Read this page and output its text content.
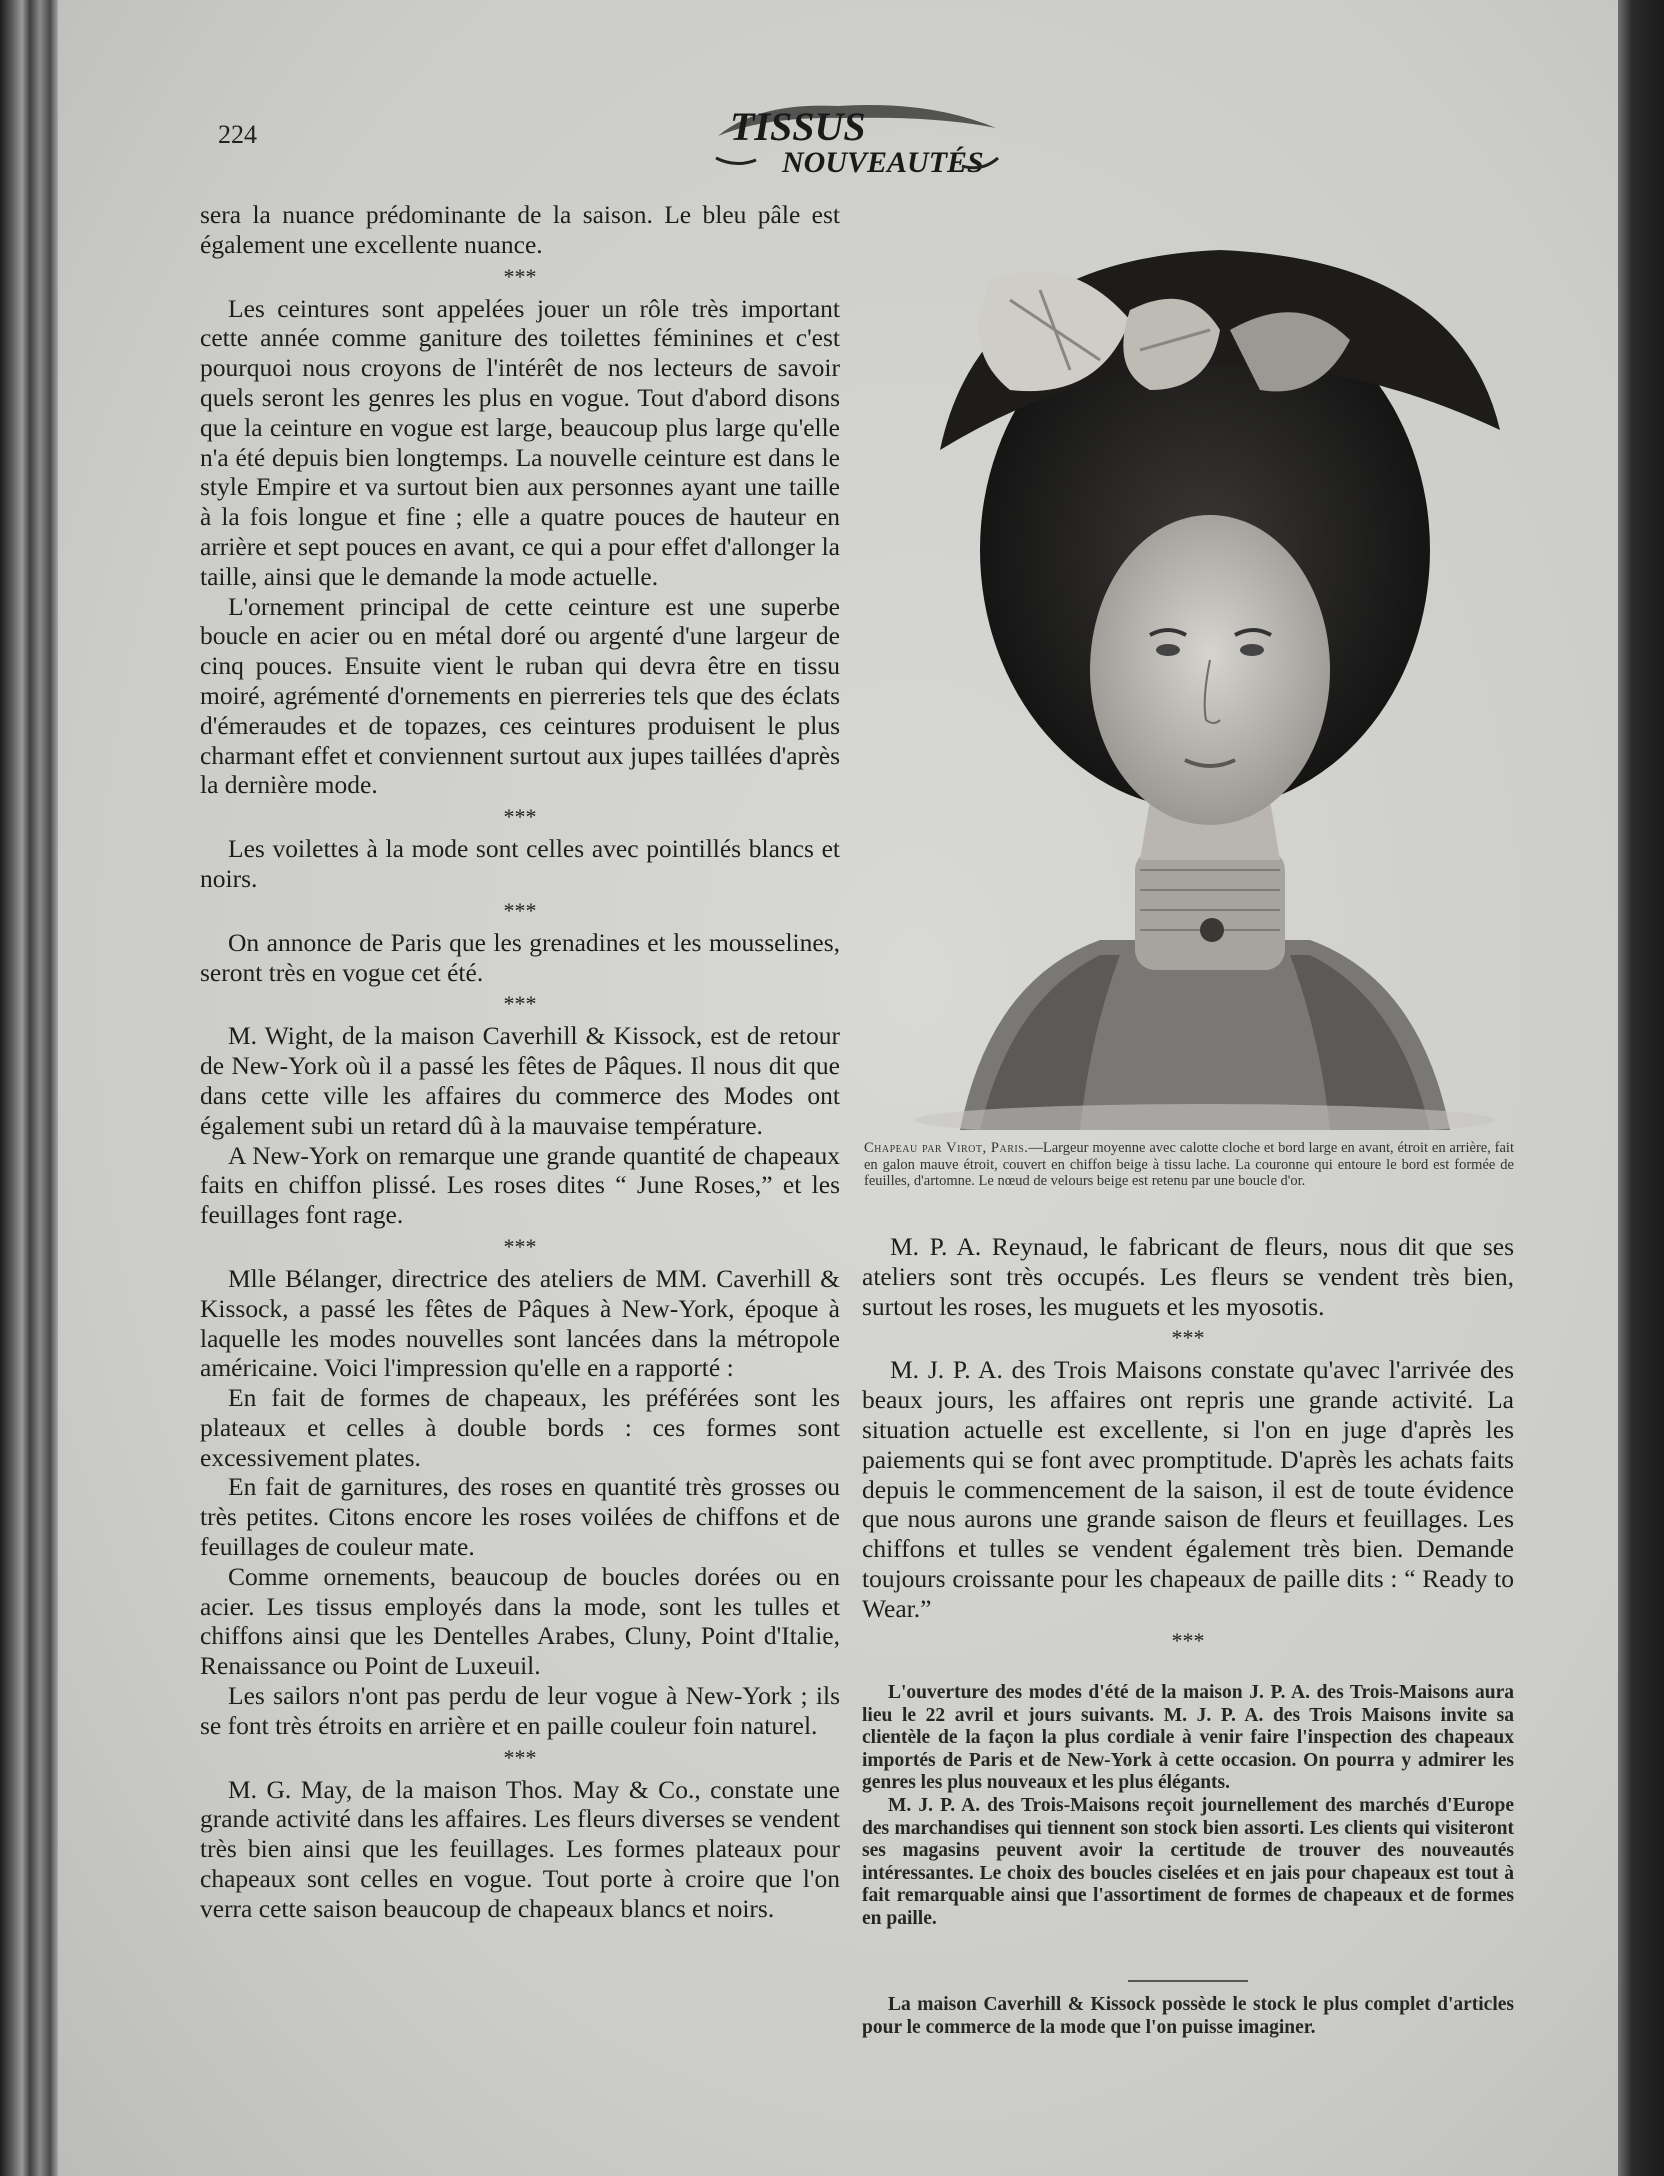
224	TISSUS
NOUVEAUTÉS

sera la nuance prédominante de la saison. Le bleu pâle est également une excellente nuance.

***

Les ceintures sont appelées jouer un rôle très important cette année comme ganiture des toilettes féminines et c'est pourquoi nous croyons de l'intérêt de nos lecteurs de savoir quels seront les genres les plus en vogue. Tout d'abord disons que la ceinture en vogue est large, beaucoup plus large qu'elle n'a été depuis bien longtemps. La nouvelle ceinture est dans le style Empire et va surtout bien aux personnes ayant une taille à la fois longue et fine ; elle a quatre pouces de hauteur en arrière et sept pouces en avant, ce qui a pour effet d'allonger la taille, ainsi que le demande la mode actuelle.

L'ornement principal de cette ceinture est une superbe boucle en acier ou en métal doré ou argenté d'une largeur de cinq pouces. Ensuite vient le ruban qui devra être en tissu moiré, agrémenté d'ornements en pierreries tels que des éclats d'émeraudes et de topazes, ces ceintures produisent le plus charmant effet et conviennent surtout aux jupes taillées d'après la dernière mode.

***

Les voilettes à la mode sont celles avec pointillés blancs et noirs.

***

On annonce de Paris que les grenadines et les mousselines, seront très en vogue cet été.

***

M. Wight, de la maison Caverhill & Kissock, est de retour de New-York où il a passé les fêtes de Pâques. Il nous dit que dans cette ville les affaires du commerce des Modes ont également subi un retard dû à la mauvaise température.

A New-York on remarque une grande quantité de chapeaux faits en chiffon plissé. Les roses dites “ June Roses,” et les feuillages font rage.

***

Mlle Bélanger, directrice des ateliers de MM. Caverhill & Kissock, a passé les fêtes de Pâques à New-York, époque à laquelle les modes nouvelles sont lancées dans la métropole américaine. Voici l'impression qu'elle en a rapporté :

En fait de formes de chapeaux, les préférées sont les plateaux et celles à double bords : ces formes sont excessivement plates.

En fait de garnitures, des roses en quantité très grosses ou très petites. Citons encore les roses voilées de chiffons et de feuillages de couleur mate.

Comme ornements, beaucoup de boucles dorées ou en acier. Les tissus employés dans la mode, sont les tulles et chiffons ainsi que les Dentelles Arabes, Cluny, Point d'Italie, Renaissance ou Point de Luxeuil.

Les sailors n'ont pas perdu de leur vogue à New-York ; ils se font très étroits en arrière et en paille couleur foin naturel.

***

M. G. May, de la maison Thos. May & Co., constate une grande activité dans les affaires. Les fleurs diverses se vendent très bien ainsi que les feuillages. Les formes plateaux pour chapeaux sont celles en vogue. Tout porte à croire que l'on verra cette saison beaucoup de chapeaux blancs et noirs.

Chapeau par Virot, Paris.—Largeur moyenne avec calotte cloche et bord large en avant, étroit en arrière, fait en galon mauve étroit, couvert en chiffon beige à tissu lache. La couronne qui entoure le bord est formée de feuilles, d'artomne. Le nœud de velours beige est retenu par une boucle d'or.

M. P. A. Reynaud, le fabricant de fleurs, nous dit que ses ateliers sont très occupés. Les fleurs se vendent très bien, surtout les roses, les muguets et les myosotis.

***

M. J. P. A. des Trois Maisons constate qu'avec l'arrivée des beaux jours, les affaires ont repris une grande activité. La situation actuelle est excellente, si l'on en juge d'après les paiements qui se font avec promptitude. D'après les achats faits depuis le commencement de la saison, il est de toute évidence que nous aurons une grande saison de fleurs et feuillages. Les chiffons et tulles se vendent également très bien. Demande toujours croissante pour les chapeaux de paille dits : “ Ready to Wear.”

***

L'ouverture des modes d'été de la maison J. P. A. des Trois-Maisons aura lieu le 22 avril et jours suivants. M. J. P. A. des Trois Maisons invite sa clientèle de la façon la plus cordiale à venir faire l'inspection des chapeaux importés de Paris et de New-York à cette occasion. On pourra y admirer les genres les plus nouveaux et les plus élégants.

M. J. P. A. des Trois-Maisons reçoit journellement des marchés d'Europe des marchandises qui tiennent son stock bien assorti. Les clients qui visiteront ses magasins peuvent avoir la certitude de trouver des nouveautés intéressantes. Le choix des boucles ciselées et en jais pour chapeaux est tout à fait remarquable ainsi que l'assortiment de formes de chapeaux et de formes en paille.

La maison Caverhill & Kissock possède le stock le plus complet d'articles pour le commerce de la mode que l'on puisse imaginer.
